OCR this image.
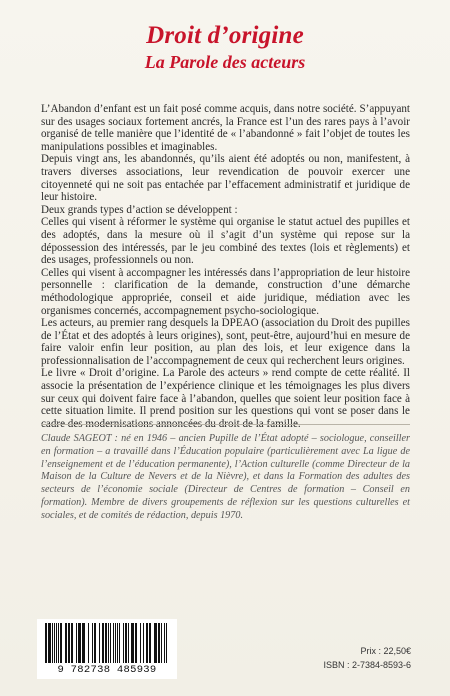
Droit d’origine
La Parole des acteurs

L’Abandon d’enfant est un fait posé comme acquis, dans notre société. S’appuyant sur des usages sociaux fortement ancrés, la France est l’un des rares pays à l’avoir organisé de telle manière que l’identité de « l’abandonné » fait l’objet de toutes les manipulations possibles et imaginables.

Depuis vingt ans, les abandonnés, qu’ils aient été adoptés ou non, manifestent, à travers diverses associations, leur revendication de pouvoir exercer une citoyenneté qui ne soit pas entachée par l’effacement administratif et juridique de leur histoire.

Deux grands types d’action se développent :

Celles qui visent à réformer le système qui organise le statut actuel des pupilles et des adoptés, dans la mesure où il s’agit d’un système qui repose sur la dépossession des intéressés, par le jeu combiné des textes (lois et règlements) et des usages, professionnels ou non.

Celles qui visent à accompagner les intéressés dans l’appropriation de leur histoire personnelle : clarification de la demande, construction d’une démarche méthodologique appropriée, conseil et aide juridique, médiation avec les organismes concernés, accompagnement psycho-sociologique.

Les acteurs, au premier rang desquels la DPEAO (association du Droit des pupilles de l’État et des adoptés à leurs origines), sont, peut-être, aujourd’hui en mesure de faire valoir enfin leur position, au plan des lois, et leur exigence dans la professionnalisation de l’accompagnement de ceux qui recherchent leurs origines.

Le livre « Droit d’origine. La Parole des acteurs » rend compte de cette réalité. Il associe la présentation de l’expérience clinique et les témoignages les plus divers sur ceux qui doivent faire face à l’abandon, quelles que soient leur position face à cette situation limite. Il prend position sur les questions qui vont se poser dans le cadre des modernisations annoncées du droit de la famille.

Claude SAGEOT : né en 1946 – ancien Pupille de l’État adopté – sociologue, conseiller en formation – a travaillé dans l’Éducation populaire (particulièrement avec La ligue de l’enseignement et de l’éducation permanente), l’Action culturelle (comme Directeur de la Maison de la Culture de Nevers et de la Nièvre), et dans la Formation des adultes des secteurs de l’économie sociale (Directeur de Centres de formation – Conseil en formation). Membre de divers groupements de réflexion sur les questions culturelles et sociales, et de comités de rédaction, depuis 1970.
9 782738 485939
Prix : 22,50€
ISBN : 2-7384-8593-6
